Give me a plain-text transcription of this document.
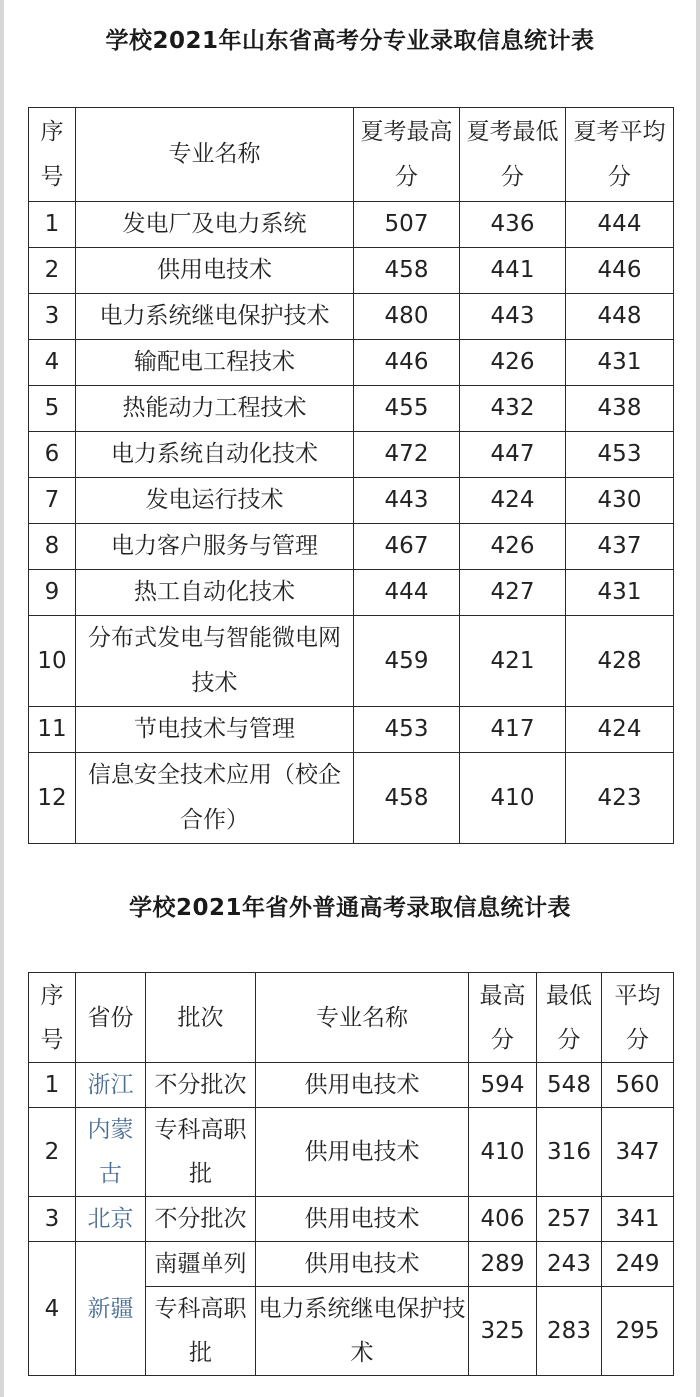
学校2021年山东省高考分专业录取信息统计表
序号	专业名称	夏考最高分	夏考最低分	夏考平均分
1	发电厂及电力系统	507	436	444
2	供用电技术	458	441	446
3	电力系统继电保护技术	480	443	448
4	输配电工程技术	446	426	431
5	热能动力工程技术	455	432	438
6	电力系统自动化技术	472	447	453
7	发电运行技术	443	424	430
8	电力客户服务与管理	467	426	437
9	热工自动化技术	444	427	431
10	分布式发电与智能微电网技术	459	421	428
11	节电技术与管理	453	417	424
12	信息安全技术应用（校企合作）	458	410	423
学校2021年省外普通高考录取信息统计表
序号	省份	批次	专业名称	最高分	最低分	平均分
1	浙江	不分批次	供用电技术	594	548	560
2	内蒙古	专科高职批	供用电技术	410	316	347
3	北京	不分批次	供用电技术	406	257	341
4	新疆	南疆单列	供用电技术	289	243	249
		专科高职批	电力系统继电保护技术	325	283	295
